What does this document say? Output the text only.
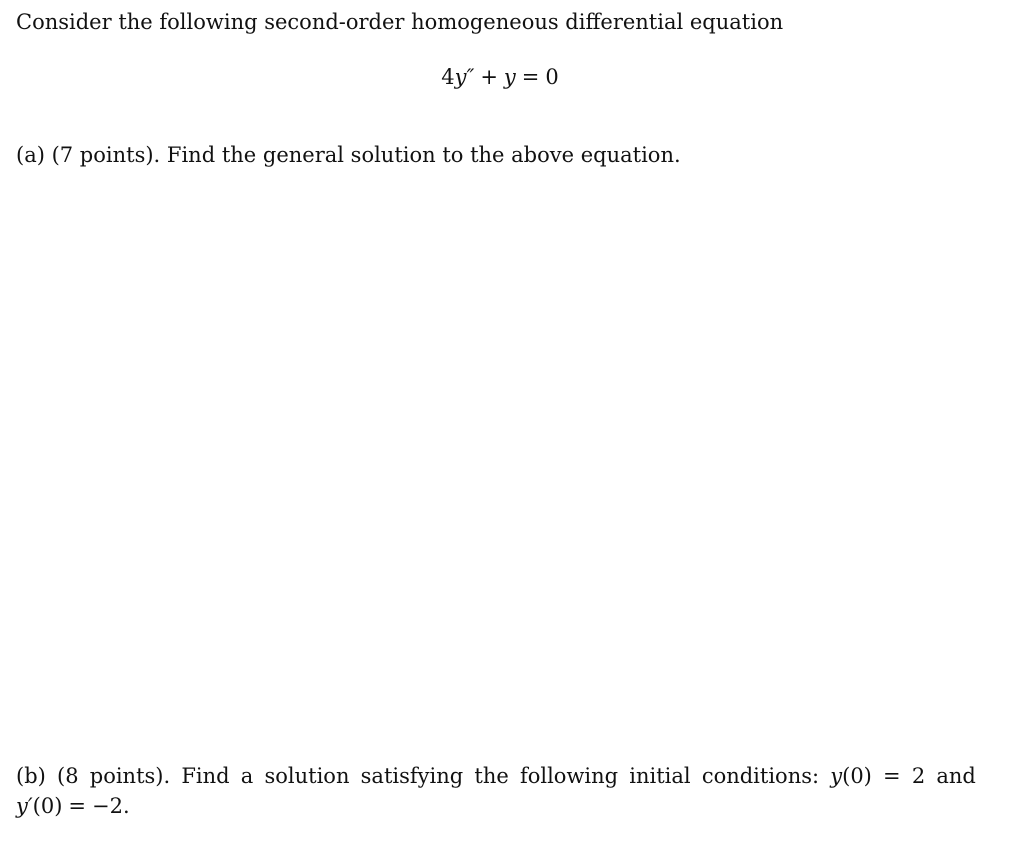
Consider the following second-order homogeneous differential equation
4y″ + y = 0
(a) (7 points). Find the general solution to the above equation.
(b) (8 points). Find a solution satisfying the following initial conditions: y(0) = 2 and
y′(0) = −2.
